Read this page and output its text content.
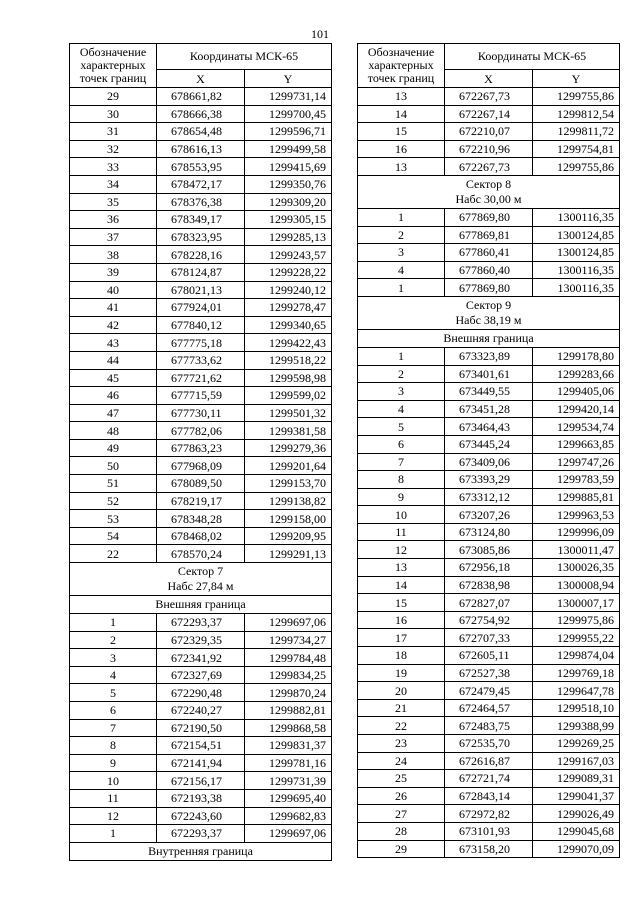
101
Обозначение характерных точек границ	Координаты МСК-65	
	X	Y
29	678661,82	1299731,14
30	678666,38	1299700,45
31	678654,48	1299596,71
32	678616,13	1299499,58
33	678553,95	1299415,69
34	678472,17	1299350,76
35	678376,38	1299309,20
36	678349,17	1299305,15
37	678323,95	1299285,13
38	678228,16	1299243,57
39	678124,87	1299228,22
40	678021,13	1299240,12
41	677924,01	1299278,47
42	677840,12	1299340,65
43	677775,18	1299422,43
44	677733,62	1299518,22
45	677721,62	1299598,98
46	677715,59	1299599,02
47	677730,11	1299501,32
48	677782,06	1299381,58
49	677863,23	1299279,36
50	677968,09	1299201,64
51	678089,50	1299153,70
52	678219,17	1299138,82
53	678348,28	1299158,00
54	678468,02	1299209,95
22	678570,24	1299291,13
Сектор 7
Набс 27,84 м		
Внешняя граница		
1	672293,37	1299697,06
2	672329,35	1299734,27
3	672341,92	1299784,48
4	672327,69	1299834,25
5	672290,48	1299870,24
6	672240,27	1299882,81
7	672190,50	1299868,58
8	672154,51	1299831,37
9	672141,94	1299781,16
10	672156,17	1299731,39
11	672193,38	1299695,40
12	672243,60	1299682,83
1	672293,37	1299697,06
Внутренняя граница		
Обозначение характерных точек границ	Координаты МСК-65	
	X	Y
13	672267,73	1299755,86
14	672267,14	1299812,54
15	672210,07	1299811,72
16	672210,96	1299754,81
13	672267,73	1299755,86
Сектор 8
Набс 30,00 м		
1	677869,80	1300116,35
2	677869,81	1300124,85
3	677860,41	1300124,85
4	677860,40	1300116,35
1	677869,80	1300116,35
Сектор 9
Набс 38,19 м		
Внешняя граница		
1	673323,89	1299178,80
2	673401,61	1299283,66
3	673449,55	1299405,06
4	673451,28	1299420,14
5	673464,43	1299534,74
6	673445,24	1299663,85
7	673409,06	1299747,26
8	673393,29	1299783,59
9	673312,12	1299885,81
10	673207,26	1299963,53
11	673124,80	1299996,09
12	673085,86	1300011,47
13	672956,18	1300026,35
14	672838,98	1300008,94
15	672827,07	1300007,17
16	672754,92	1299975,86
17	672707,33	1299955,22
18	672605,11	1299874,04
19	672527,38	1299769,18
20	672479,45	1299647,78
21	672464,57	1299518,10
22	672483,75	1299388,99
23	672535,70	1299269,25
24	672616,87	1299167,03
25	672721,74	1299089,31
26	672843,14	1299041,37
27	672972,82	1299026,49
28	673101,93	1299045,68
29	673158,20	1299070,09
